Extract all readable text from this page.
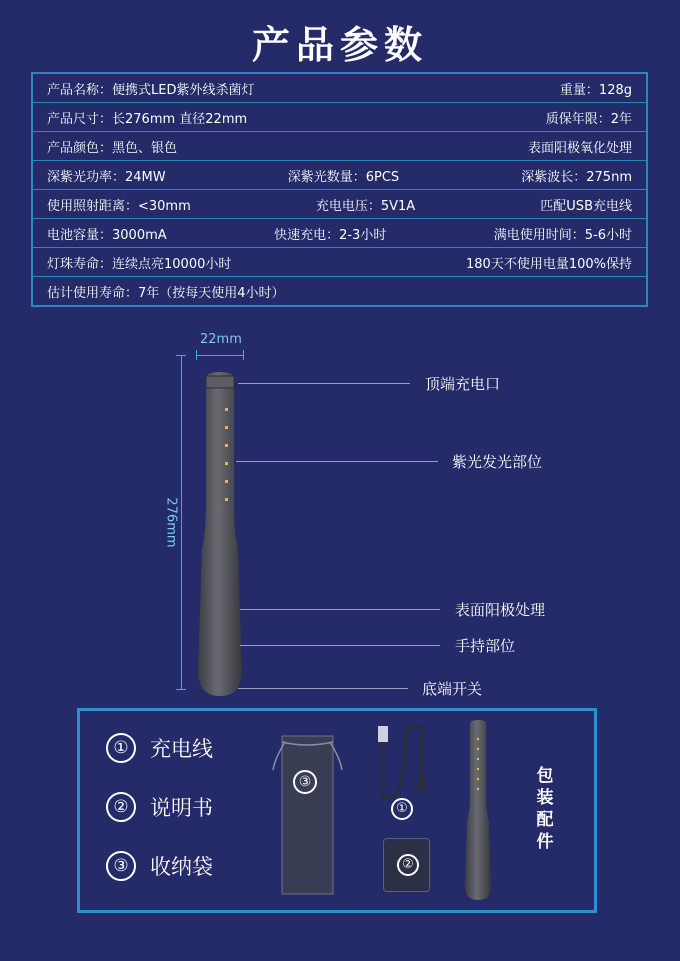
产品参数
产品名称：便携式LED紫外线杀菌灯	重量：128g

产品尺寸：长276mm 直径22mm	质保年限：2年

产品颜色：黑色、银色	表面阳极氧化处理

深紫光功率：24MW	深紫光数量：6PCS	深紫波长：275nm

使用照射距离：<30mm	充电电压：5V1A	匹配USB充电线

电池容量：3000mA	快速充电：2-3小时	满电使用时间：5-6小时

灯珠寿命：连续点亮10000小时	180天不使用电量100%保持

估计使用寿命：7年（按每天使用4小时）
22mm
276mm
顶端充电口
紫光发光部位
表面阳极处理
手持部位
底端开关
①	充电线
②	说明书
③	收纳袋
③
①
②
包
装
配
件
